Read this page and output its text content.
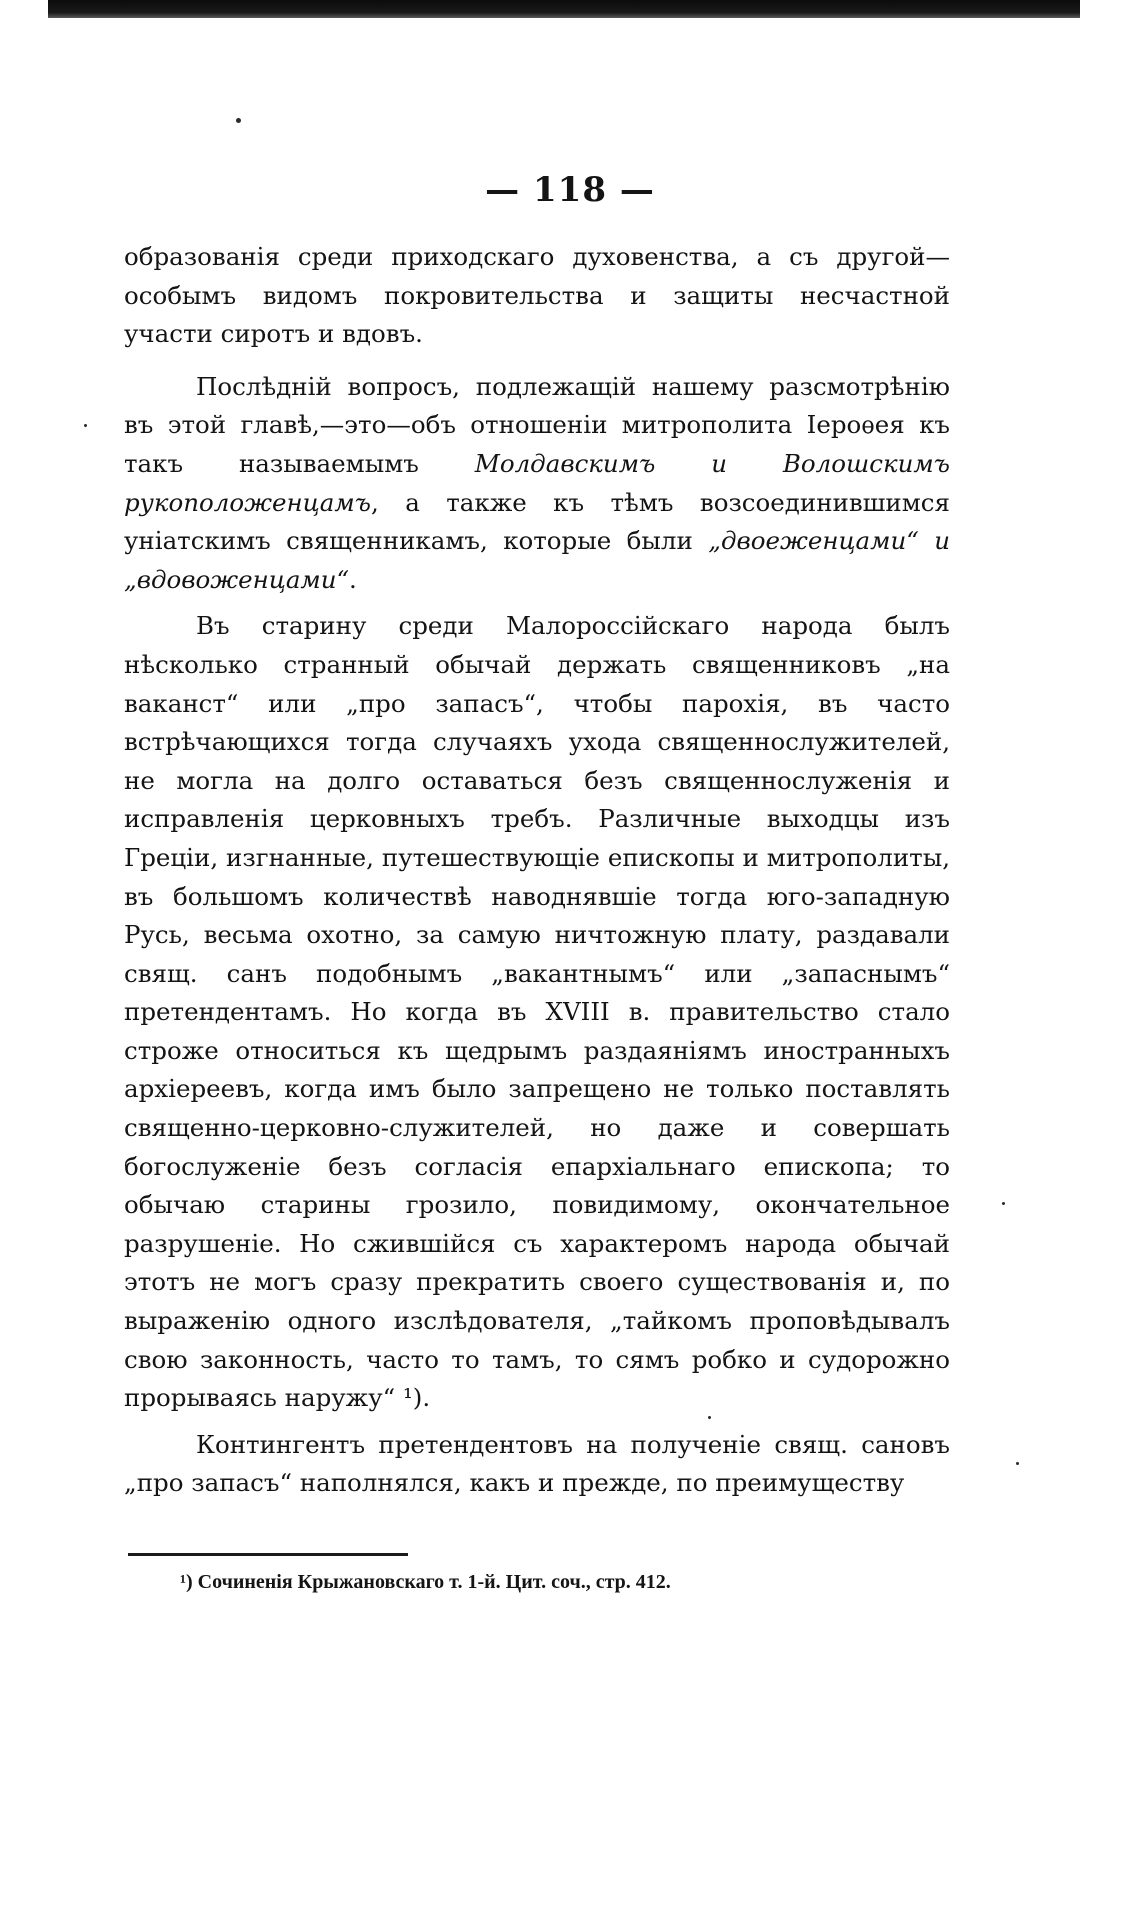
— 118 —

образованія среди приходскаго духовенства, а съ другой—особымъ видомъ покровительства и защиты несчастной участи сиротъ и вдовъ.

Послѣдній вопросъ, подлежащій нашему разсмотрѣнію въ этой главѣ,—это—объ отношеніи митрополита Іероѳея къ такъ называемымъ Молдавскимъ и Волошскимъ рукоположенцамъ, а также къ тѣмъ возсоединившимся уніатскимъ священникамъ, которые были „двоеженцами“ и „вдовоженцами“.

Въ старину среди Малороссійскаго народа былъ нѣсколько странный обычай держать священниковъ „на ваканст“ или „про запасъ“, чтобы парохія, въ часто встрѣчающихся тогда случаяхъ ухода священнослужителей, не могла на долго оставаться безъ священнослуженія и исправленія церковныхъ требъ. Различные выходцы изъ Греціи, изгнанные, путешествующіе епископы и митрополиты, въ большомъ количествѣ наводнявшіе тогда юго-западную Русь, весьма охотно, за самую ничтожную плату, раздавали свящ. санъ подобнымъ „вакантнымъ“ или „запаснымъ“ претендентамъ. Но когда въ XVIII в. правительство стало строже относиться къ щедрымъ раздаяніямъ иностранныхъ архіереевъ, когда имъ было запрещено не только поставлять священно-церковно-служителей, но даже и совершать богослуженіе безъ согласія епархіальнаго епископа; то обычаю старины грозило, повидимому, окончательное разрушеніе. Но сжившійся съ характеромъ народа обычай этотъ не могъ сразу прекратить своего существованія и, по выраженію одного изслѣдователя, „тайкомъ проповѣдывалъ свою законность, часто то тамъ, то сямъ робко и судорожно прорываясь наружу“ ¹).

Контингентъ претендентовъ на полученіе свящ. сановъ „про запасъ“ наполнялся, какъ и прежде, по преимуществу

¹) Сочиненія Крыжановскаго т. 1-й. Цит. соч., стр. 412.
